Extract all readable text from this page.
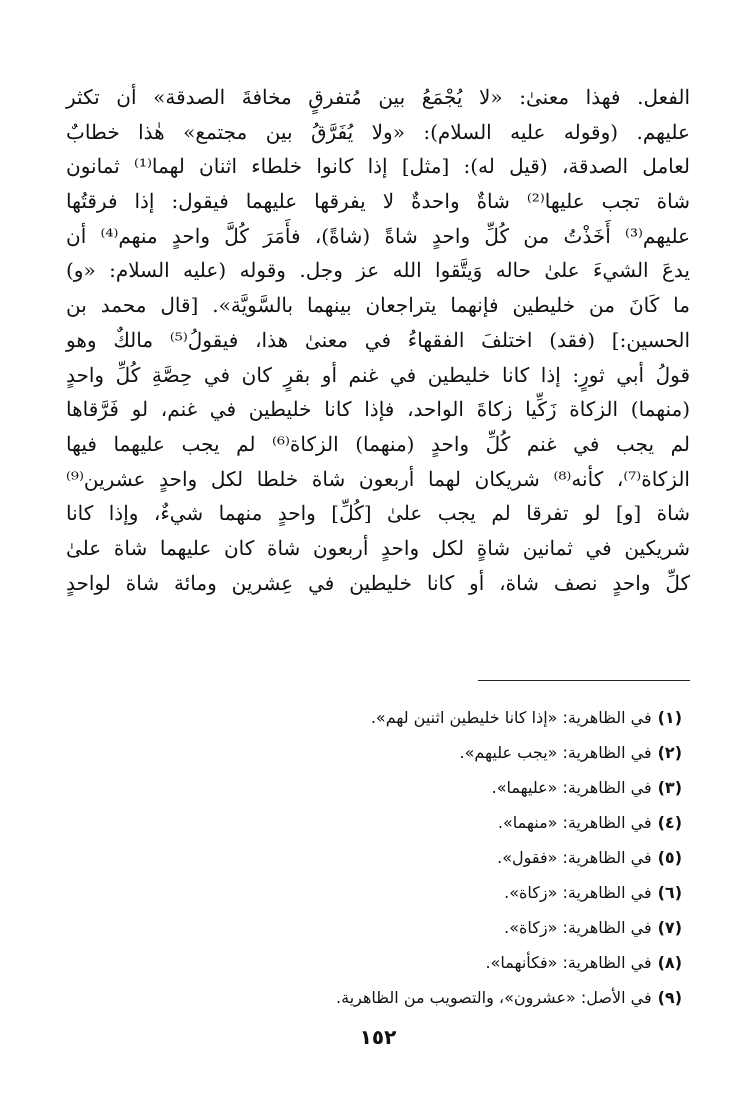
الفعل. فهذا معنىٰ: «لا يُجْمَعُ بين مُتفرقٍ مخافةَ الصدقة» أن تكثر
عليهم. (وقوله عليه السلام): «ولا يُفَرَّقُ بين مجتمع» هٰذا خطابٌ
لعامل الصدقة، (قيل له): [مثل] إذا كانوا خلطاء اثنان لهما⁽¹⁾ ثمانون
شاة تجب عليها⁽²⁾ شاةٌ واحدةٌ لا يفرقها عليهما فيقول: إذا فرقتُها
عليهم⁽³⁾ أَخَذْتُ من كُلِّ واحدٍ شاةً (شاةً)، فأَمَرَ كُلَّ واحدٍ منهم⁽⁴⁾ أن
يدعَ الشيءَ علىٰ حاله وَيتَّقوا الله عز وجل. وقوله (عليه السلام: «و)
ما كَانَ من خليطين فإنهما يتراجعان بينهما بالسَّويَّة». [قال محمد بن
الحسين:] (فقد) اختلفَ الفقهاءُ في معنىٰ هذا، فيقولُ⁽⁵⁾ مالكٌ وهو
قولُ أبي ثورٍ: إذا كانا خليطين في غنم أو بقرٍ كان في حِصَّةِ كُلِّ واحدٍ
(منهما) الزكاة زَكِّيا زكاةَ الواحد، فإذا كانا خليطين في غنم، لو فَرَّقاها
لم يجب في غنم كُلِّ واحدٍ (منهما) الزكاة⁽⁶⁾ لم يجب عليهما فيها
الزكاة⁽⁷⁾، كأنه⁽⁸⁾ شريكان لهما أربعون شاة خلطا لكل واحدٍ عشرين⁽⁹⁾
شاة [و] لو تفرقا لم يجب علىٰ [كُلِّ] واحدٍ منهما شيءٌ، وإذا كانا
شريكين في ثمانين شاةٍ لكل واحدٍ أربعون شاة كان عليهما شاة علىٰ
كلِّ واحدٍ نصف شاة، أو كانا خليطين في عِشرين ومائة شاة لواحدٍ
(١)في الظاهرية: «إذا كانا خليطين اثنين لهم».
(٢)في الظاهرية: «يجب عليهم».
(٣)في الظاهرية: «عليهما».
(٤)في الظاهرية: «منهما».
(٥)في الظاهرية: «فقول».
(٦)في الظاهرية: «زكاة».
(٧)في الظاهرية: «زكاة».
(٨)في الظاهرية: «فكأنهما».
(٩)في الأصل: «عشرون»، والتصويب من الظاهرية.
١٥٢
